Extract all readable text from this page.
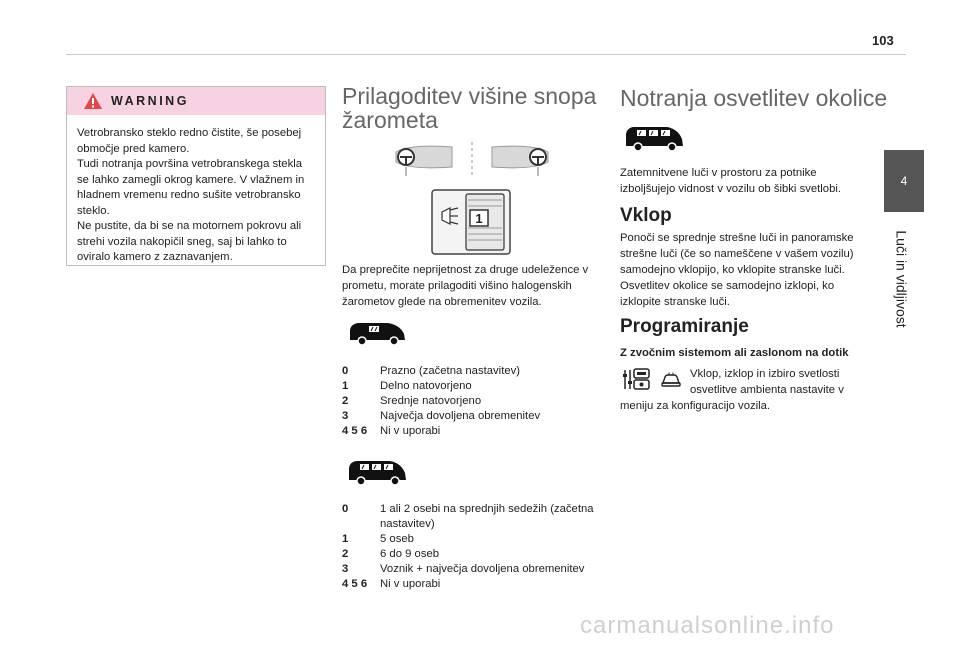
103
4
Luči in vidljivost
WARNING

Vetrobransko steklo redno čistite, še posebej območje pred kamero.

Tudi notranja površina vetrobranskega stekla se lahko zamegli okrog kamere. V vlažnem in hladnem vremenu redno sušite vetrobransko steklo.

Ne pustite, da bi se na motornem pokrovu ali strehi vozila nakopičil sneg, saj bi lahko to oviralo kamero z zaznavanjem.

Prilagoditev višine snopa žarometa
1
Da preprečite neprijetnost za druge udeležence v prometu, morate prilagoditi višino halogenskih žarometov glede na obremenitev vozila.
0	Prazno (začetna nastavitev)
1	Delno natovorjeno
2	Srednje natovorjeno
3	Največja dovoljena obremenitev
4 5 6	Ni v uporabi
0	1 ali 2 osebi na sprednjih sedežih (začetna nastavitev)
1	5 oseb
2	6 do 9 oseb
3	Voznik + največja dovoljena obremenitev
4 5 6	Ni v uporabi
Notranja osvetlitev okolice
Zatemnitvene luči v prostoru za potnike izboljšujejo vidnost v vozilu ob šibki svetlobi.
Vklop
Ponoči se sprednje strešne luči in panoramske strešne luči (če so nameščene v vašem vozilu) samodejno vklopijo, ko vklopite stranske luči. Osvetlitev okolice se samodejno izklopi, ko izklopite stranske luči.
Programiranje
Z zvočnim sistemom ali zaslonom na dotik
Vklop, izklop in izbiro svetlosti osvetlitve ambienta nastavite v
meniju za konfiguracijo vozila.
carmanualsonline.info
